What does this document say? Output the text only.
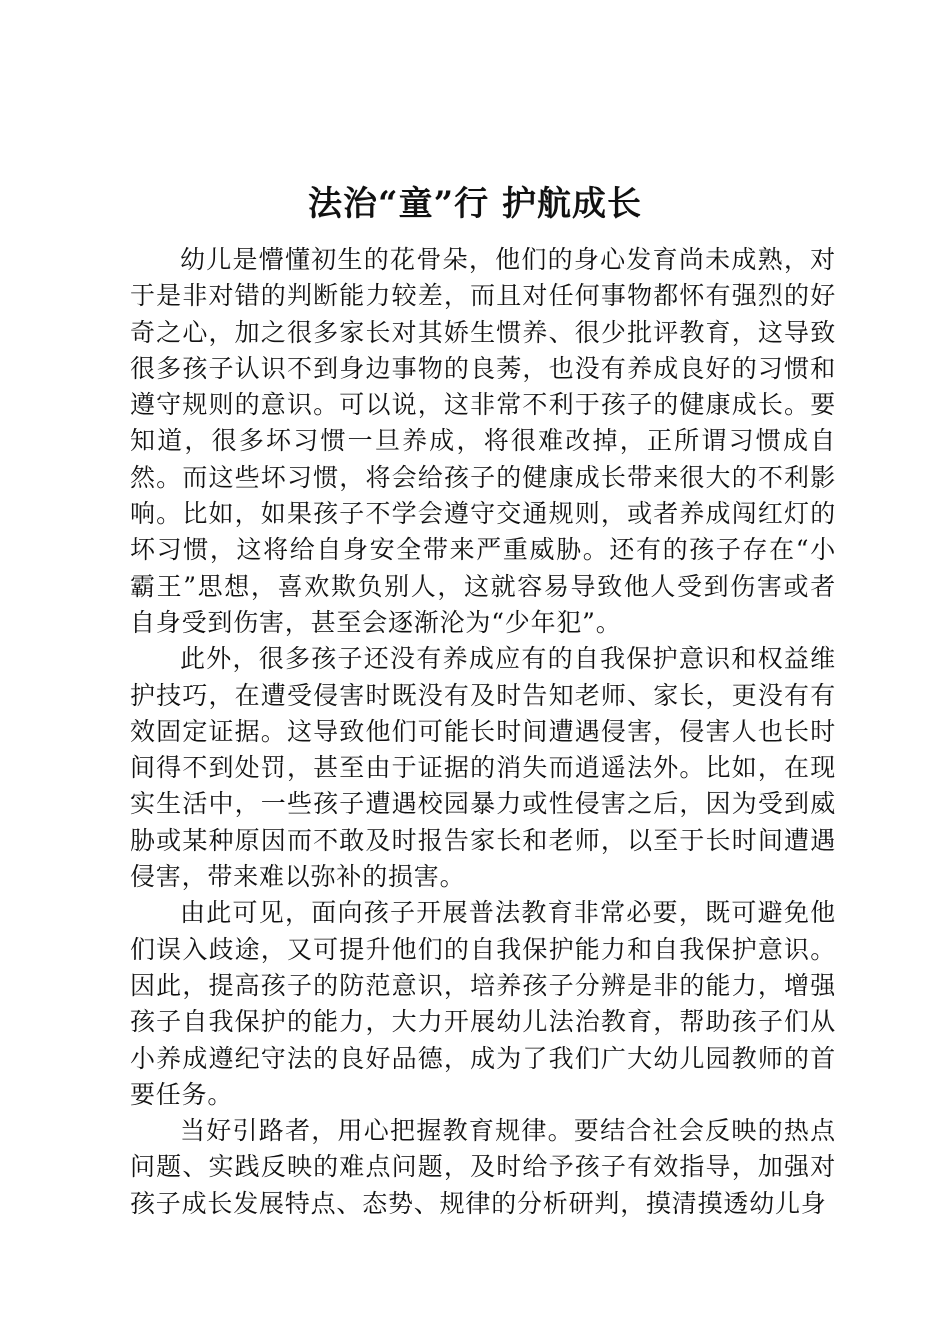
法治“童”行 护航成长

幼儿是懵懂初生的花骨朵，他们的身心发育尚未成熟，对于是非对错的判断能力较差，而且对任何事物都怀有强烈的好奇之心，加之很多家长对其娇生惯养、很少批评教育，这导致很多孩子认识不到身边事物的良莠，也没有养成良好的习惯和遵守规则的意识。可以说，这非常不利于孩子的健康成长。要知道，很多坏习惯一旦养成，将很难改掉，正所谓习惯成自然。而这些坏习惯，将会给孩子的健康成长带来很大的不利影响。比如，如果孩子不学会遵守交通规则，或者养成闯红灯的坏习惯，这将给自身安全带来严重威胁。还有的孩子存在“小霸王”思想，喜欢欺负别人，这就容易导致他人受到伤害或者自身受到伤害，甚至会逐渐沦为“少年犯”。

此外，很多孩子还没有养成应有的自我保护意识和权益维护技巧，在遭受侵害时既没有及时告知老师、家长，更没有有效固定证据。这导致他们可能长时间遭遇侵害，侵害人也长时间得不到处罚，甚至由于证据的消失而逍遥法外。比如，在现实生活中，一些孩子遭遇校园暴力或性侵害之后，因为受到威胁或某种原因而不敢及时报告家长和老师，以至于长时间遭遇侵害，带来难以弥补的损害。

由此可见，面向孩子开展普法教育非常必要，既可避免他们误入歧途，又可提升他们的自我保护能力和自我保护意识。因此，提高孩子的防范意识，培养孩子分辨是非的能力，增强孩子自我保护的能力，大力开展幼儿法治教育，帮助孩子们从小养成遵纪守法的良好品德，成为了我们广大幼儿园教师的首要任务。

当好引路者，用心把握教育规律。要结合社会反映的热点问题、实践反映的难点问题，及时给予孩子有效指导，加强对孩子成长发展特点、态势、规律的分析研判，摸清摸透幼儿身
